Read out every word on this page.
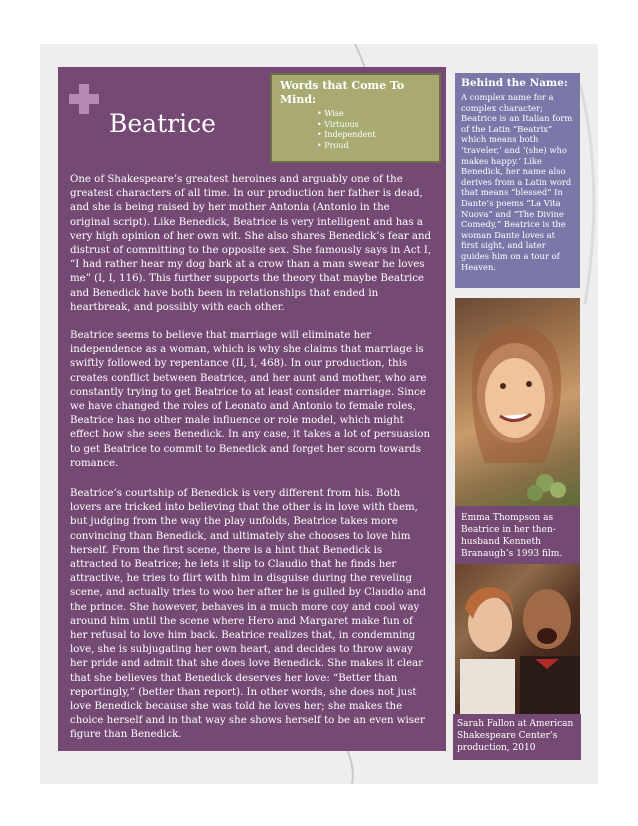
Beatrice

One of Shakespeare’s greatest heroines and arguably one of the greatest characters of all time. In our production her father is dead, and she is being raised by her mother Antonia (Antonio in the original script). Like Benedick, Beatrice is very intelligent and has a very high opinion of her own wit. She also shares Benedick’s fear and distrust of committing to the opposite sex. She famously says in Act I, “I had rather hear my dog bark at a crow than a man swear he loves me” (I, I, 116). This further supports the theory that maybe Beatrice and Benedick have both been in relationships that ended in heartbreak, and possibly with each other.

Beatrice seems to believe that marriage will eliminate her independence as a woman, which is why she claims that marriage is swiftly followed by repentance (II, I, 468). In our production, this creates conflict between Beatrice, and her aunt and mother, who are constantly trying to get Beatrice to at least consider marriage. Since we have changed the roles of Leonato and Antonio to female roles, Beatrice has no other male influence or role model, which might effect how she sees Benedick. In any case, it takes a lot of persuasion to get Beatrice to commit to Benedick and forget her scorn towards romance.

Beatrice’s courtship of Benedick is very different from his. Both lovers are tricked into believing that the other is in love with them, but judging from the way the play unfolds, Beatrice takes more convincing than Benedick, and ultimately she chooses to love him herself. From the first scene, there is a hint that Benedick is attracted to Beatrice; he lets it slip to Claudio that he finds her attractive, he tries to flirt with him in disguise during the reveling scene, and actually tries to woo her after he is gulled by Claudio and the prince. She however, behaves in a much more coy and cool way around him until the scene where Hero and Margaret make fun of her refusal to love him back. Beatrice realizes that, in condemning love, she is subjugating her own heart, and decides to throw away her pride and admit that she does love Benedick. She makes it clear that she believes that Benedick deserves her love: “Better than reportingly,” (better than report). In other words, she does not just love Benedick because she was told he loves her; she makes the choice herself and in that way she shows herself to be an even wiser figure than Benedick.

Words that Come To Mind:
• Wise
• Virtuous
• Independent
• Proud
Behind the Name:
A complex name for a complex character; Beatrice is an Italian form of the Latin “Beatrix” which means both ‘traveler,’ and ‘(she) who makes happy.’ Like Benedick, her name also derives from a Latin word that means “blessed” In Dante’s poems “La Vita Nuova” and “The Divine Comedy,” Beatrice is the woman Dante loves at first sight, and later guides him on a tour of Heaven.
Emma Thompson as Beatrice in her then-husband Kenneth Branaugh’s 1993 film.
Sarah Fallon at American Shakespeare Center’s production, 2010
